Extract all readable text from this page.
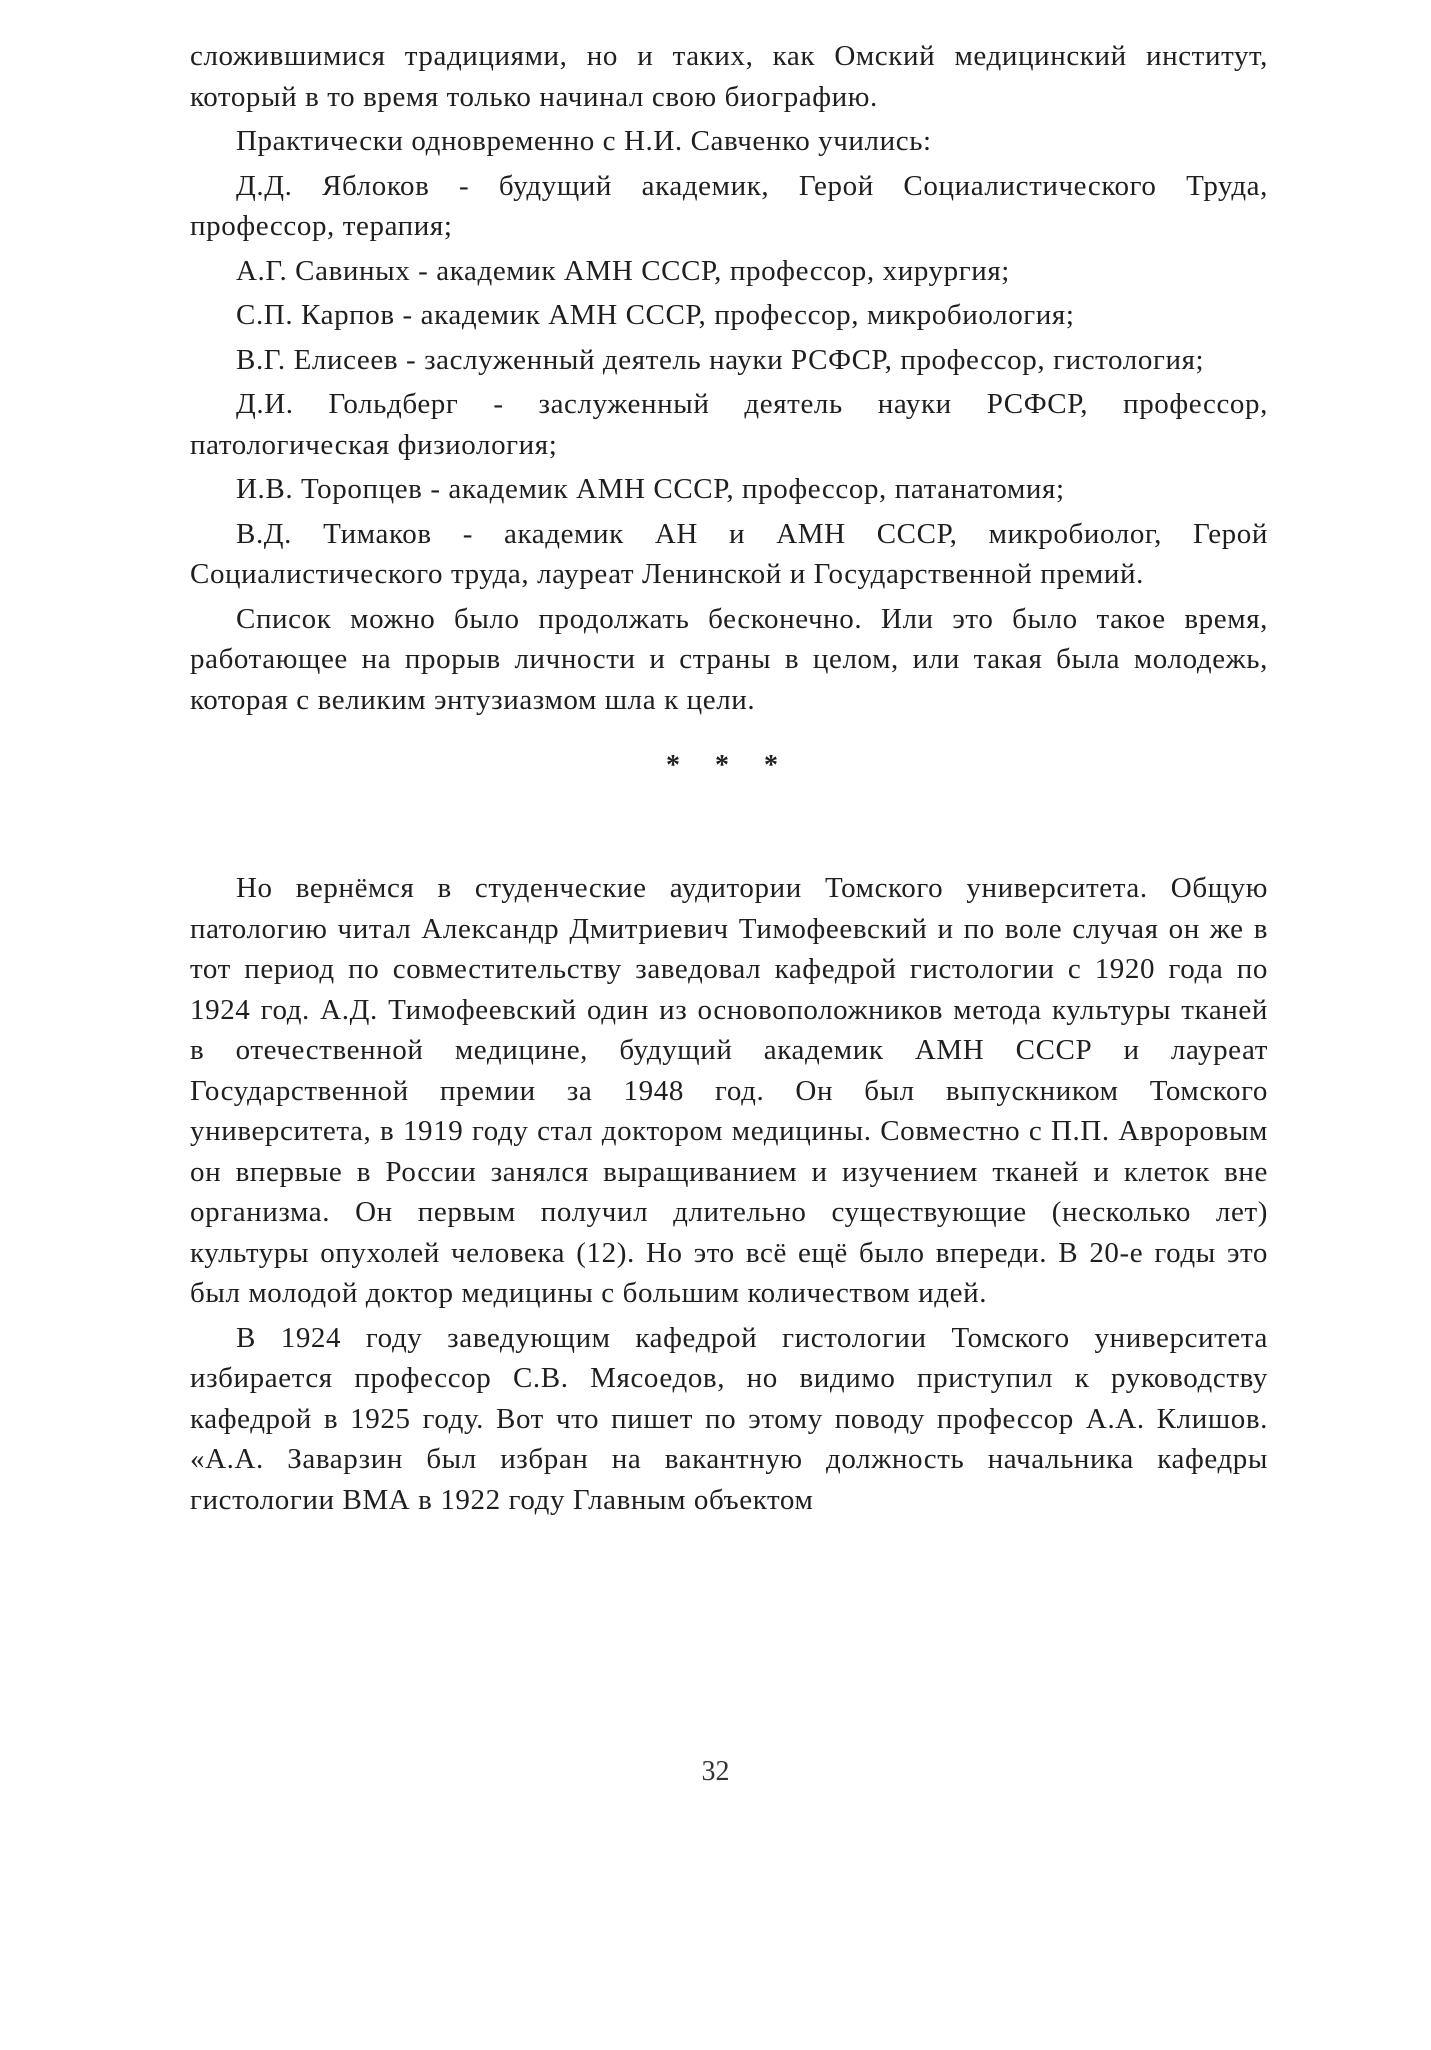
сложившимися традициями, но и таких, как Омский медицинский институт, который в то время только начинал свою биографию.

Практически одновременно с Н.И. Савченко учились:

Д.Д. Яблоков - будущий академик, Герой Социалистического Труда, профессор, терапия;

А.Г. Савиных - академик АМН СССР, профессор, хирургия;

С.П. Карпов - академик АМН СССР, профессор, микробиология;

В.Г. Елисеев - заслуженный деятель науки РСФСР, профессор, гистология;

Д.И. Гольдберг - заслуженный деятель науки РСФСР, профессор, патологическая физиология;

И.В. Торопцев - академик АМН СССР, профессор, патанатомия;

В.Д. Тимаков - академик АН и АМН СССР, микробиолог, Герой Социалистического труда, лауреат Ленинской и Государственной премий.

Список можно было продолжать бесконечно. Или это было такое время, работающее на прорыв личности и страны в целом, или такая была молодежь, которая с великим энтузиазмом шла к цели.

* * *

Но вернёмся в студенческие аудитории Томского университета. Общую патологию читал Александр Дмитриевич Тимофеевский и по воле случая он же в тот период по совместительству заведовал кафедрой гистологии с 1920 года по 1924 год. А.Д. Тимофеевский один из основоположников метода культуры тканей в отечественной медицине, будущий академик АМН СССР и лауреат Государственной премии за 1948 год. Он был выпускником Томского университета, в 1919 году стал доктором медицины. Совместно с П.П. Авроровым он впервые в России занялся выращиванием и изучением тканей и клеток вне организма. Он первым получил длительно существующие (несколько лет) культуры опухолей человека (12). Но это всё ещё было впереди. В 20-е годы это был молодой доктор медицины с большим количеством идей.

В 1924 году заведующим кафедрой гистологии Томского университета избирается профессор С.В. Мясоедов, но видимо приступил к руководству кафедрой в 1925 году. Вот что пишет по этому поводу профессор А.А. Клишов. «А.А. Заварзин был избран на вакантную должность начальника кафедры гистологии ВМА в 1922 году Главным объектом

32
